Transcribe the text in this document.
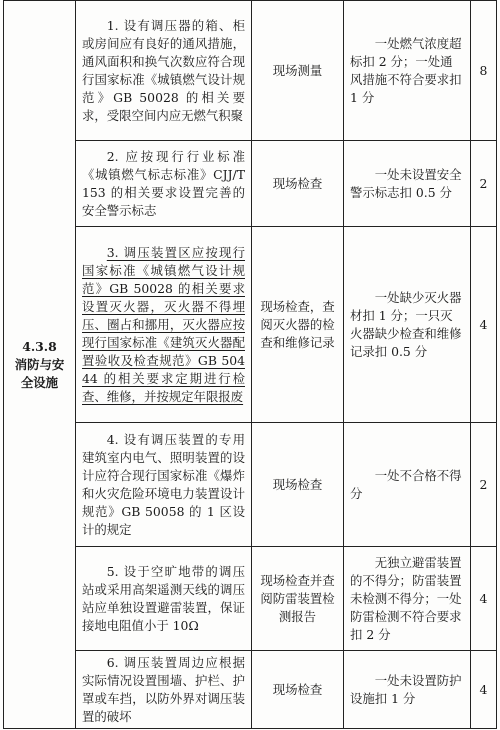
4.3.8
消防与安全设施	1. 设有调压器的箱、柜或房间应有良好的通风措施，通风面积和换气次数应符合现行国家标准《城镇燃气设计规范》GB 50028 的相关要求，受限空间内应无燃气积聚	现场测量	一处燃气浓度超标扣 2 分；一处通风措施不符合要求扣 1 分	8
	2. 应按现行行业标准《城镇燃气标志标准》CJJ/T 153 的相关要求设置完善的安全警示标志	现场检查	一处未设置安全警示标志扣 0.5 分	2
	3. 调压装置区应按现行国家标准《城镇燃气设计规范》GB 50028 的相关要求设置灭火器，灭火器不得埋压、圈占和挪用，灭火器应按现行国家标准《建筑灭火器配置验收及检查规范》GB 50444 的相关要求定期进行检查、维修，并按规定年限报废	现场检查，查阅灭火器的检查和维修记录	一处缺少灭火器材扣 1 分；一只灭火器缺少检查和维修记录扣 0.5 分	4
	4. 设有调压装置的专用建筑室内电气、照明装置的设计应符合现行国家标准《爆炸和火灾危险环境电力装置设计规范》GB 50058 的 1 区设计的规定	现场检查	一处不合格不得分	2
	5. 设于空旷地带的调压站或采用高架遥测天线的调压站应单独设置避雷装置，保证接地电阻值小于 10Ω	现场检查并查阅防雷装置检测报告	无独立避雷装置的不得分；防雷装置未检测不得分；一处防雷检测不符合要求扣 2 分	4
	6. 调压装置周边应根据实际情况设置围墙、护栏、护罩或车挡，以防外界对调压装置的破坏	现场检查	一处未设置防护设施扣 1 分	4
